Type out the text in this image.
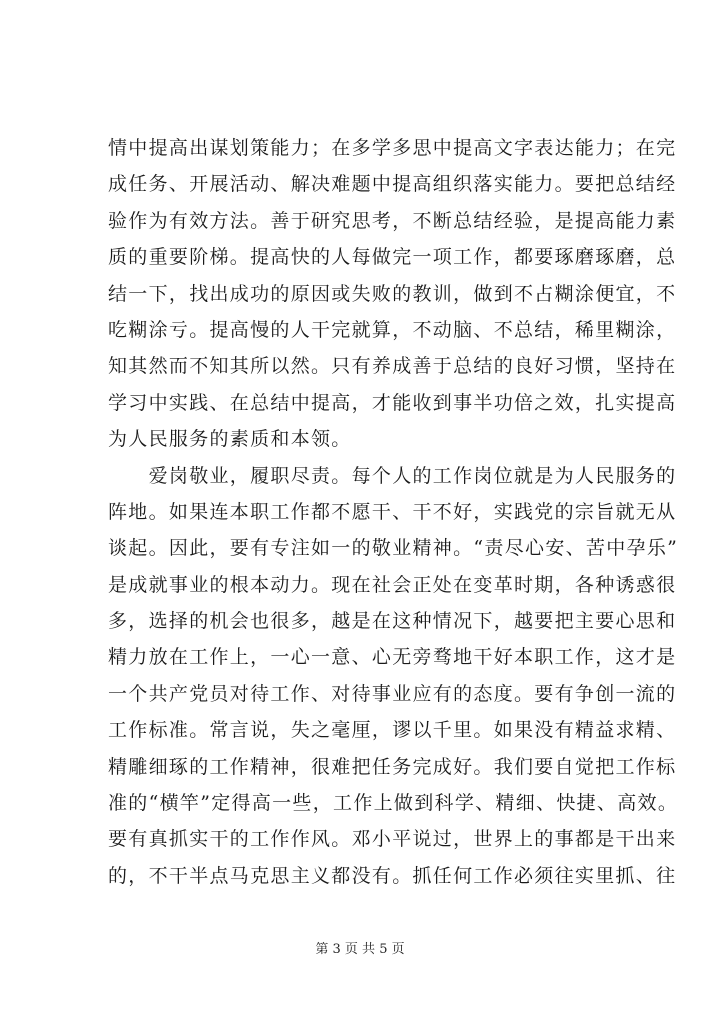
情中提高出谋划策能力；在多学多思中提高文字表达能力；在完
成任务、开展活动、解决难题中提高组织落实能力。要把总结经
验作为有效方法。善于研究思考，不断总结经验，是提高能力素
质的重要阶梯。提高快的人每做完一项工作，都要琢磨琢磨，总
结一下，找出成功的原因或失败的教训，做到不占糊涂便宜，不
吃糊涂亏。提高慢的人干完就算，不动脑、不总结，稀里糊涂，
知其然而不知其所以然。只有养成善于总结的良好习惯，坚持在
学习中实践、在总结中提高，才能收到事半功倍之效，扎实提高
为人民服务的素质和本领。
　　爱岗敬业，履职尽责。每个人的工作岗位就是为人民服务的
阵地。如果连本职工作都不愿干、干不好，实践党的宗旨就无从
谈起。因此，要有专注如一的敬业精神。“责尽心安、苦中孕乐”
是成就事业的根本动力。现在社会正处在变革时期，各种诱惑很
多，选择的机会也很多，越是在这种情况下，越要把主要心思和
精力放在工作上，一心一意、心无旁骛地干好本职工作，这才是
一个共产党员对待工作、对待事业应有的态度。要有争创一流的
工作标准。常言说，失之毫厘，谬以千里。如果没有精益求精、
精雕细琢的工作精神，很难把任务完成好。我们要自觉把工作标
准的“横竿”定得高一些，工作上做到科学、精细、快捷、高效。
要有真抓实干的工作作风。邓小平说过，世界上的事都是干出来
的，不干半点马克思主义都没有。抓任何工作必须往实里抓、往
第 3 页 共 5 页
